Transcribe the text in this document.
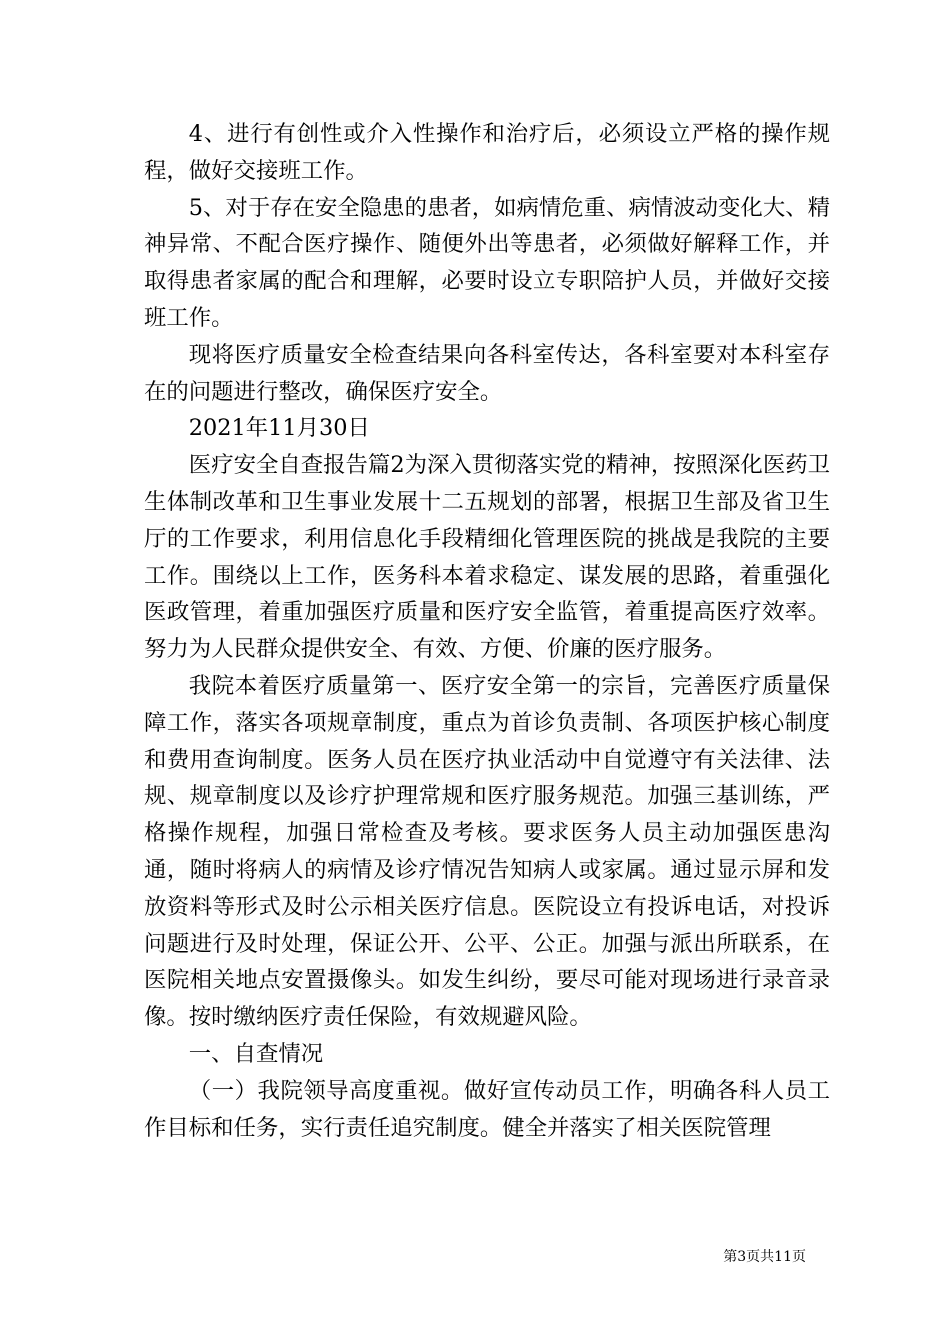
4、进行有创性或介入性操作和治疗后，必须设立严格的操作规程，做好交接班工作。

5、对于存在安全隐患的患者，如病情危重、病情波动变化大、精神异常、不配合医疗操作、随便外出等患者，必须做好解释工作，并取得患者家属的配合和理解，必要时设立专职陪护人员，并做好交接班工作。

现将医疗质量安全检查结果向各科室传达，各科室要对本科室存在的问题进行整改，确保医疗安全。

2021年11月30日

医疗安全自查报告篇2为深入贯彻落实党的精神，按照深化医药卫生体制改革和卫生事业发展十二五规划的部署，根据卫生部及省卫生厅的工作要求，利用信息化手段精细化管理医院的挑战是我院的主要工作。围绕以上工作，医务科本着求稳定、谋发展的思路，着重强化医政管理，着重加强医疗质量和医疗安全监管，着重提高医疗效率。努力为人民群众提供安全、有效、方便、价廉的医疗服务。

我院本着医疗质量第一、医疗安全第一的宗旨，完善医疗质量保障工作，落实各项规章制度，重点为首诊负责制、各项医护核心制度和费用查询制度。医务人员在医疗执业活动中自觉遵守有关法律、法规、规章制度以及诊疗护理常规和医疗服务规范。加强三基训练，严格操作规程，加强日常检查及考核。要求医务人员主动加强医患沟通，随时将病人的病情及诊疗情况告知病人或家属。通过显示屏和发放资料等形式及时公示相关医疗信息。医院设立有投诉电话，对投诉问题进行及时处理，保证公开、公平、公正。加强与派出所联系，在医院相关地点安置摄像头。如发生纠纷，要尽可能对现场进行录音录像。按时缴纳医疗责任保险，有效规避风险。

一、自查情况

（一）我院领导高度重视。做好宣传动员工作，明确各科人员工作目标和任务，实行责任追究制度。健全并落实了相关医院管理

第3页共11页
